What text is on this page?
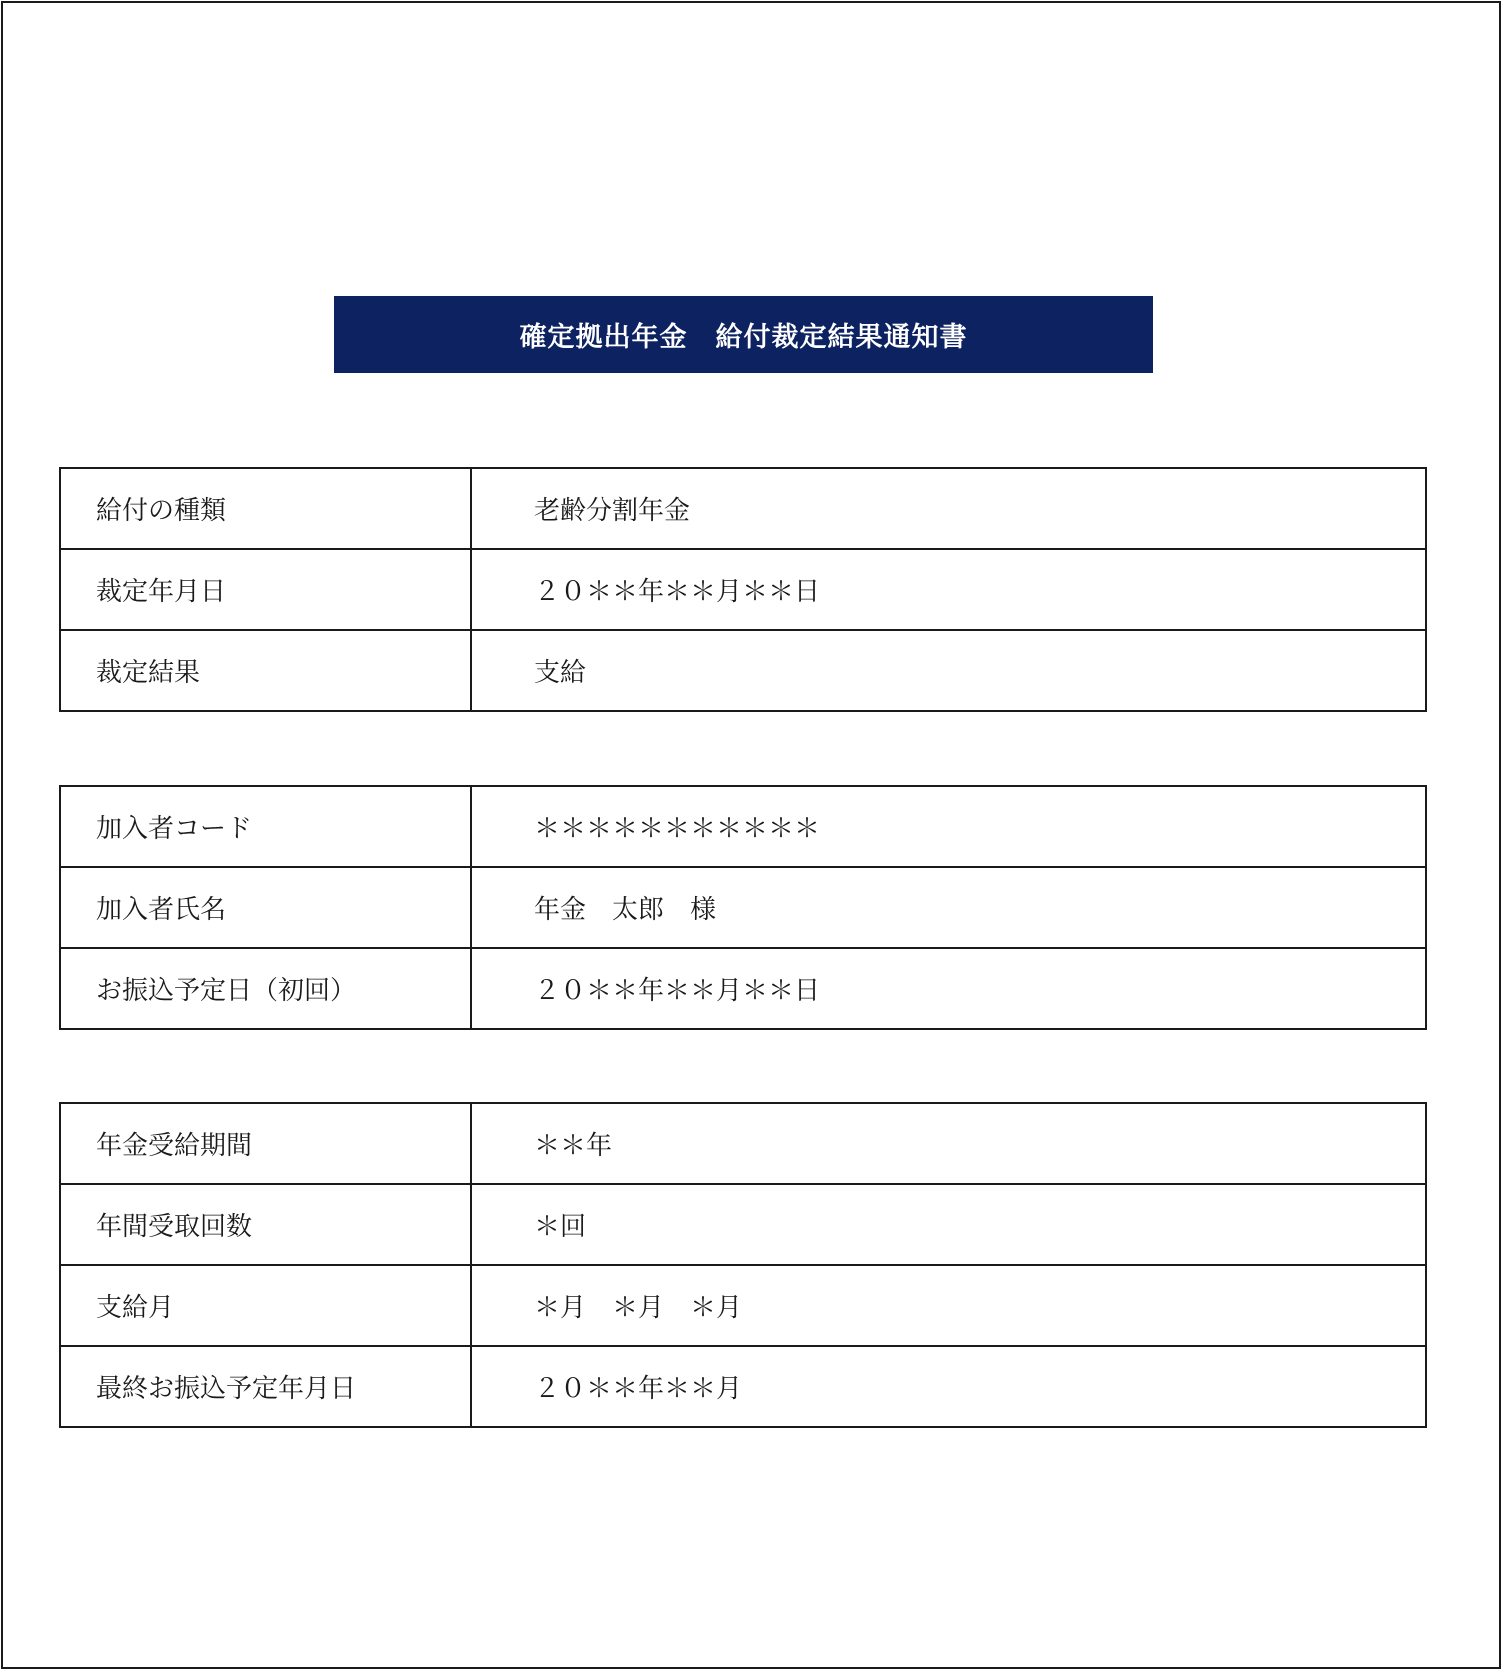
確定拠出年金　給付裁定結果通知書
給付の種類	老齢分割年金
裁定年月日	２０＊＊年＊＊月＊＊日
裁定結果	支給
加入者コード	＊＊＊＊＊＊＊＊＊＊＊
加入者氏名	年金　太郎　様
お振込予定日（初回）	２０＊＊年＊＊月＊＊日
年金受給期間	＊＊年
年間受取回数	＊回
支給月	＊月　＊月　＊月
最終お振込予定年月日	２０＊＊年＊＊月
